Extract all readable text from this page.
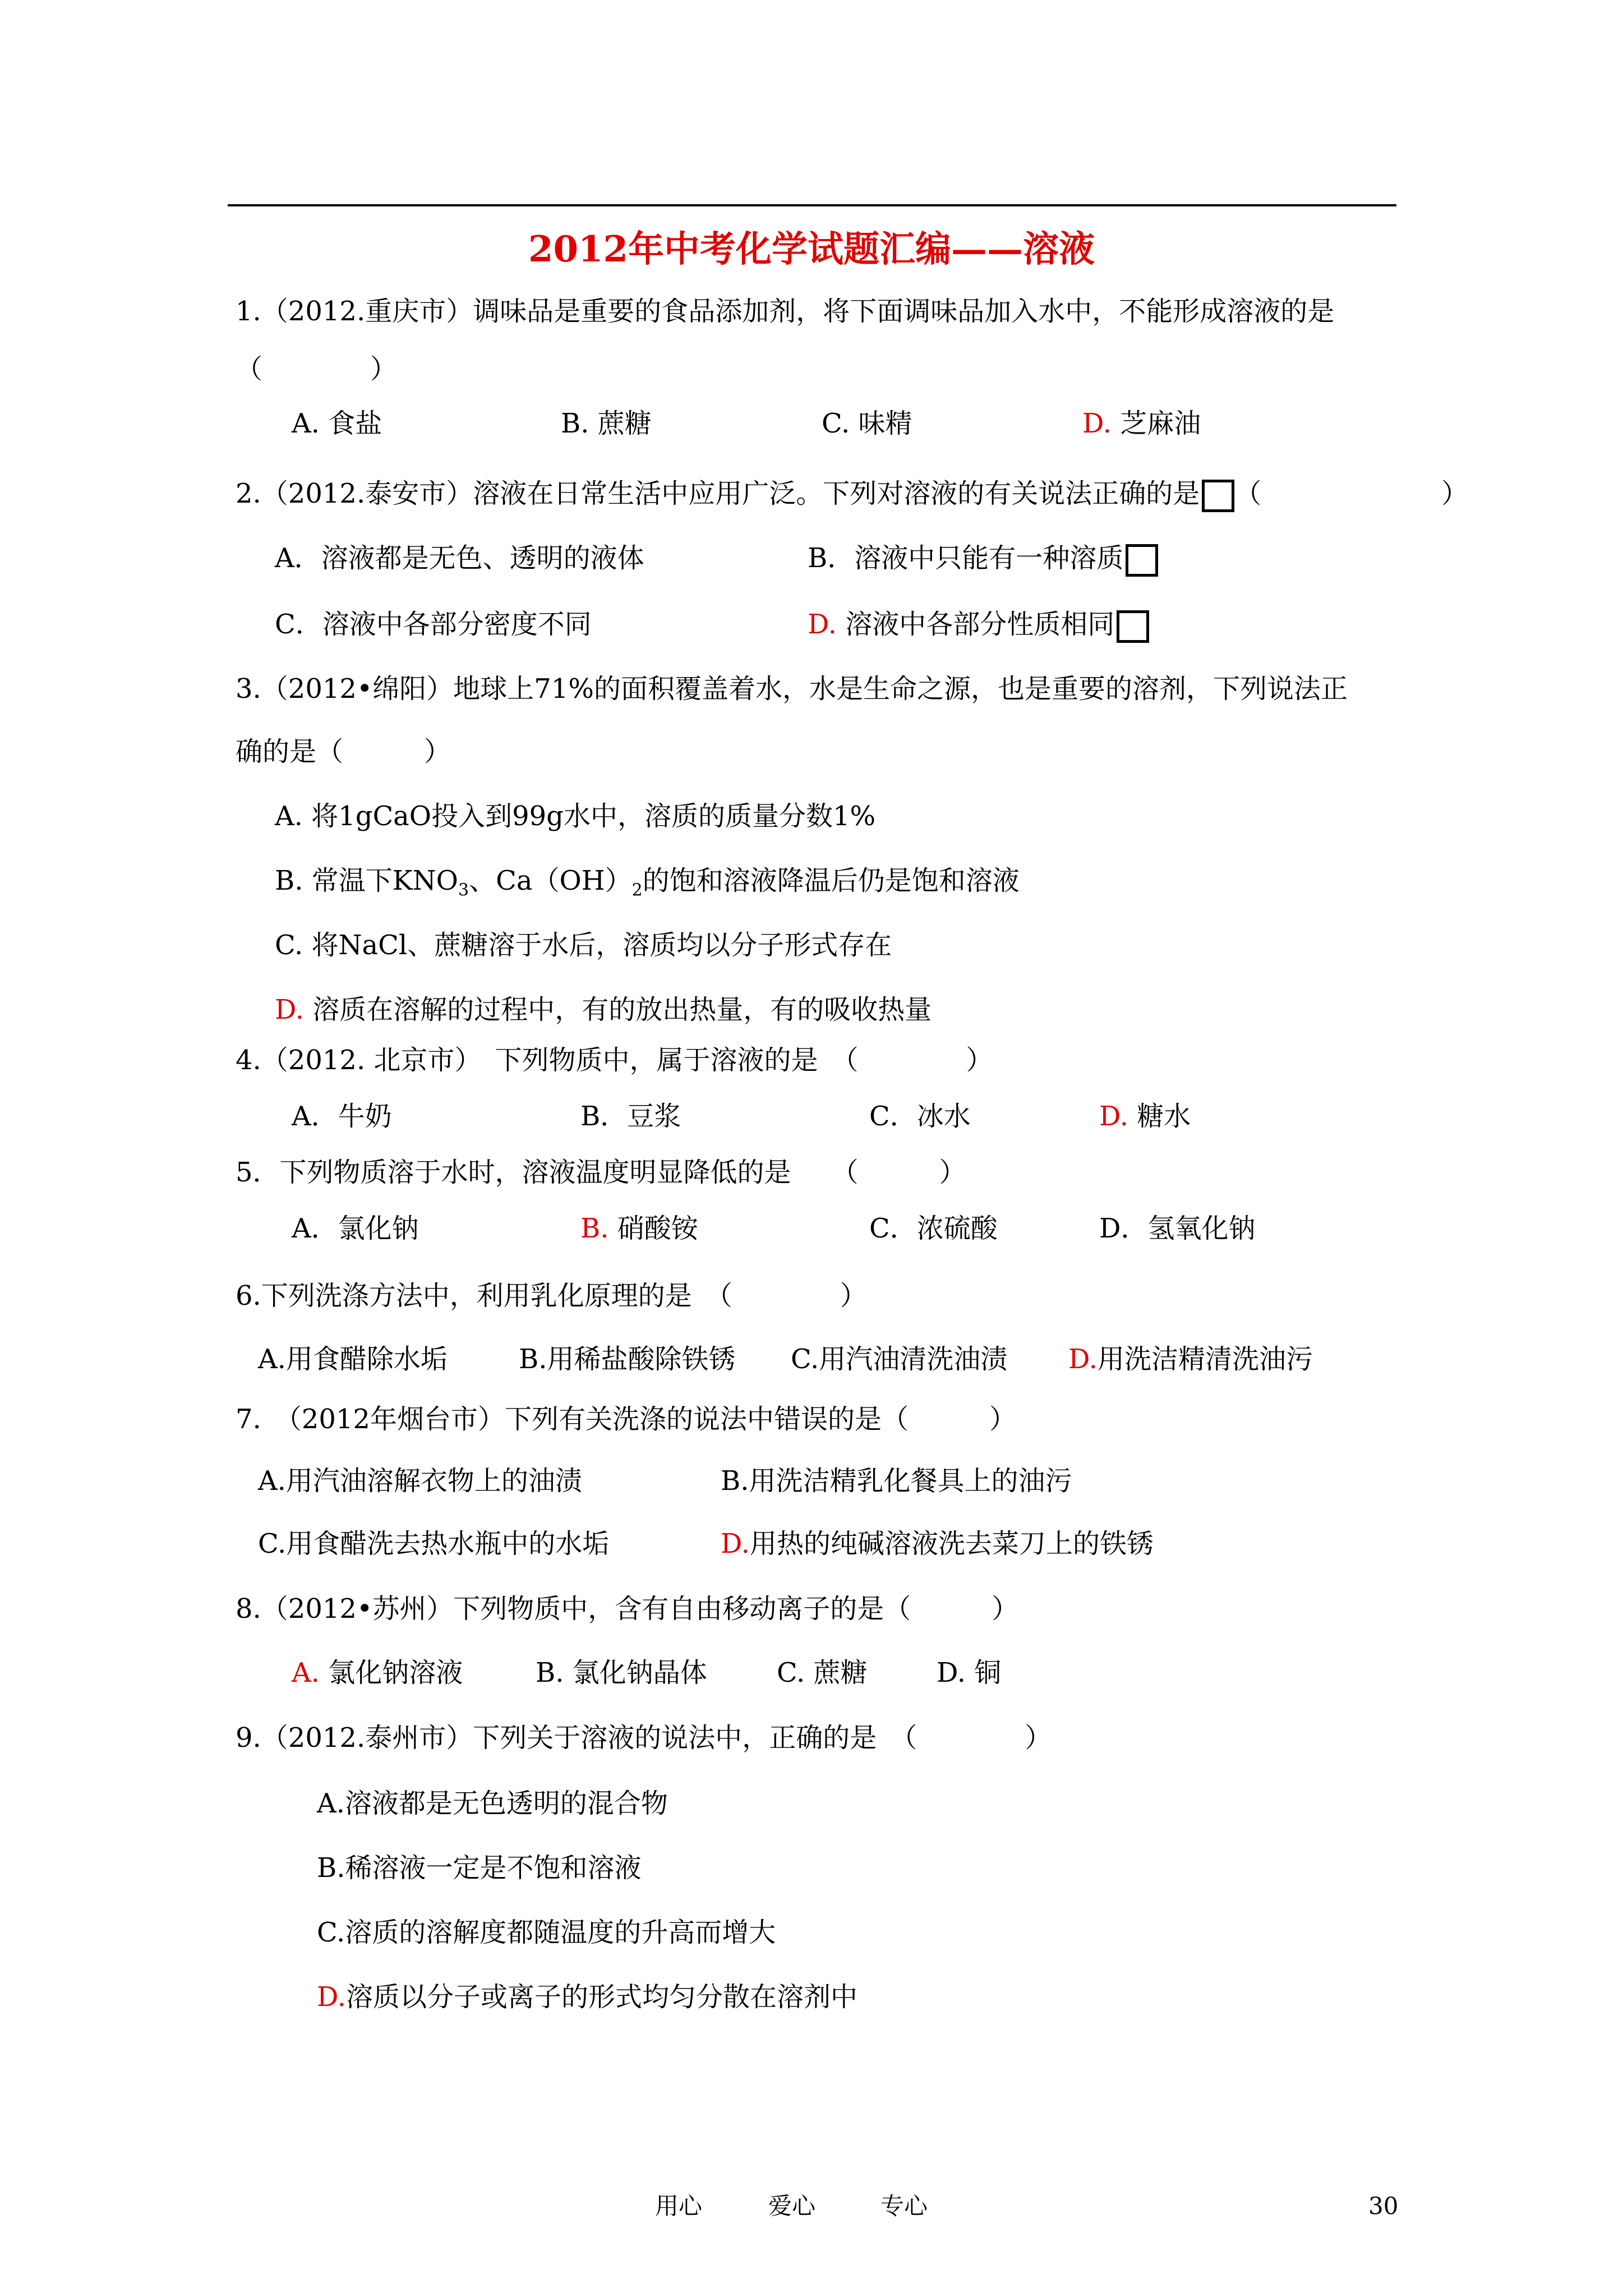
2012年中考化学试题汇编——溶液
1.（2012.重庆市）调味品是重要的食品添加剂，将下面调味品加入水中，不能形成溶液的是
（　　　　）
A. 食盐	B. 蔗糖	C. 味精	D. 芝麻油
2.（2012.泰安市）溶液在日常生活中应用广泛。下列对溶液的有关说法正确的是 （	）
A．溶液都是无色、透明的液体	B．溶液中只能有一种溶质
C．溶液中各部分密度不同	D. 溶液中各部分性质相同
3.（2012•绵阳）地球上71%的面积覆盖着水，水是生命之源，也是重要的溶剂，下列说法正
确的是（　　　）
A. 将1gCaO投入到99g水中，溶质的质量分数1%
B. 常温下$KNO_3$、$Ca(OH)_2$的饱和溶液降温后仍是饱和溶液
C. 将NaCl、蔗糖溶于水后，溶质均以分子形式存在
D. 溶质在溶解的过程中，有的放出热量，有的吸收热量
4.（2012. 北京市）　下列物质中，属于溶液的是　（　　　　）
A．牛奶	B．豆浆	C．冰水	D. 糖水
5．下列物质溶于水时，溶液温度明显降低的是　　（　　　）
A．氯化钠	B. 硝酸铵	C．浓硫酸	D．氢氧化钠
6.下列洗涤方法中，利用乳化原理的是　（　　　　）
A.用食醋除水垢	B.用稀盐酸除铁锈 C.用汽油清洗油渍 D.用洗洁精清洗油污
7.　（2012年烟台市）下列有关洗涤的说法中错误的是（　　　）
A.用汽油溶解衣物上的油渍	B.用洗洁精乳化餐具上的油污
C.用食醋洗去热水瓶中的水垢	D.用热的纯碱溶液洗去菜刀上的铁锈
8.（2012•苏州）下列物质中，含有自由移动离子的是（　　　）
A. 氯化钠溶液	B. 氯化钠晶体	C. 蔗糖	D. 铜
9.（2012.泰州市）下列关于溶液的说法中，正确的是　（　　　　）
A.溶液都是无色透明的混合物
B.稀溶液一定是不饱和溶液
C.溶质的溶解度都随温度的升高而增大
D.溶质以分子或离子的形式均匀分散在溶剂中
用心	爱心	专心	30
